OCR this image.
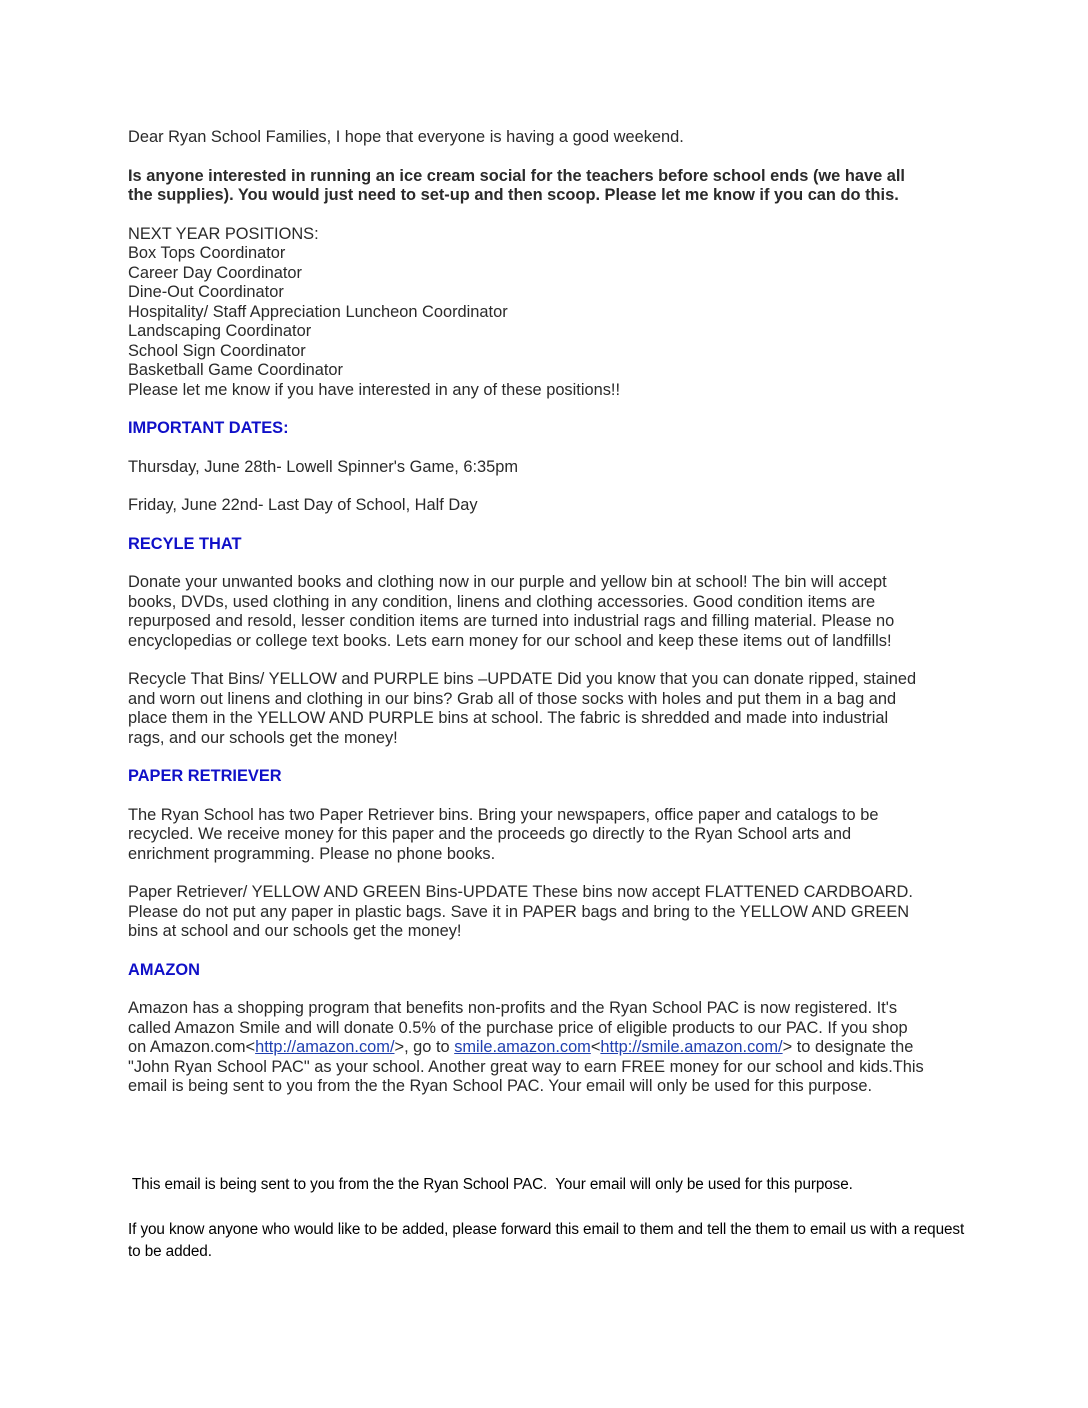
Dear Ryan School Families, I hope that everyone is having a good weekend.

Is anyone interested in running an ice cream social for the teachers before school ends (we have all the supplies). You would just need to set-up and then scoop. Please let me know if you can do this.

NEXT YEAR POSITIONS:
Box Tops Coordinator
Career Day Coordinator
Dine-Out Coordinator
Hospitality/ Staff Appreciation Luncheon Coordinator
Landscaping Coordinator
School Sign Coordinator
Basketball Game Coordinator
Please let me know if you have interested in any of these positions!!

IMPORTANT DATES:

Thursday, June 28th- Lowell Spinner's Game, 6:35pm

Friday, June 22nd- Last Day of School, Half Day

RECYLE THAT

Donate your unwanted books and clothing now in our purple and yellow bin at school! The bin will accept books, DVDs, used clothing in any condition, linens and clothing accessories. Good condition items are repurposed and resold, lesser condition items are turned into industrial rags and filling material. Please no encyclopedias or college text books. Lets earn money for our school and keep these items out of landfills!

Recycle That Bins/ YELLOW and PURPLE bins –UPDATE Did you know that you can donate ripped, stained and worn out linens and clothing in our bins? Grab all of those socks with holes and put them in a bag and place them in the YELLOW AND PURPLE bins at school. The fabric is shredded and made into industrial rags, and our schools get the money!

PAPER RETRIEVER

The Ryan School has two Paper Retriever bins. Bring your newspapers, office paper and catalogs to be recycled. We receive money for this paper and the proceeds go directly to the Ryan School arts and enrichment programming. Please no phone books.

Paper Retriever/ YELLOW AND GREEN Bins-UPDATE These bins now accept FLATTENED CARDBOARD. Please do not put any paper in plastic bags. Save it in PAPER bags and bring to the YELLOW AND GREEN bins at school and our schools get the money!

AMAZON

Amazon has a shopping program that benefits non-profits and the Ryan School PAC is now registered. It's called Amazon Smile and will donate 0.5% of the purchase price of eligible products to our PAC. If you shop on Amazon.com<http://amazon.com/>, go to smile.amazon.com<http://smile.amazon.com/> to designate the "John Ryan School PAC" as your school. Another great way to earn FREE money for our school and kids.This email is being sent to you from the the Ryan School PAC. Your email will only be used for this purpose.

This email is being sent to you from the the Ryan School PAC.  Your email will only be used for this purpose.

If you know anyone who would like to be added, please forward this email to them and tell the them to email us with a request to be added.
